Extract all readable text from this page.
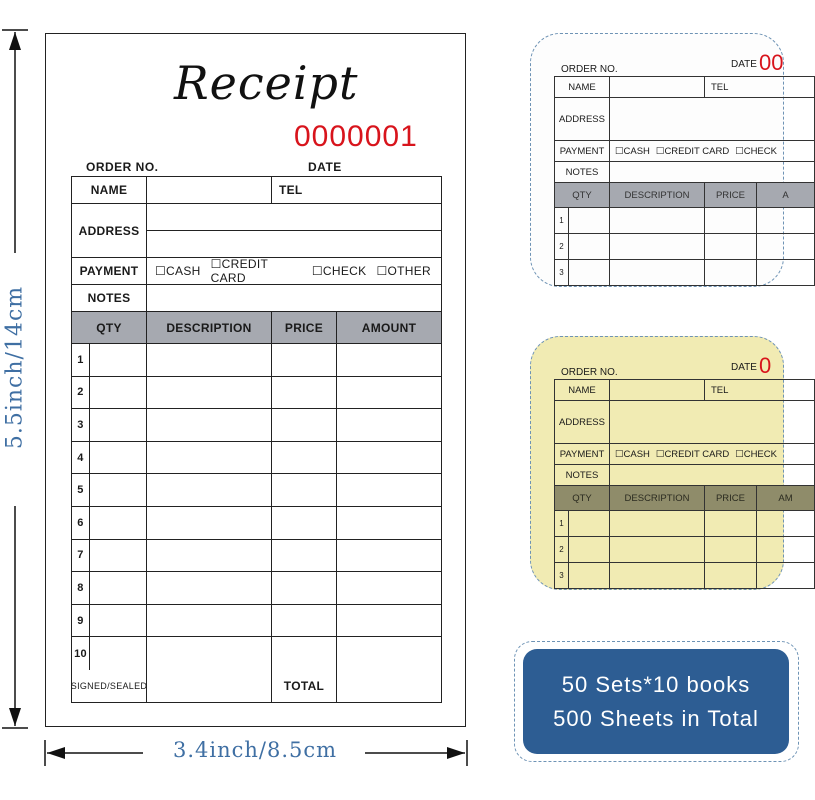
5.5inch/14cm
3.4inch/8.5cm
Receipt
0000001
ORDER NO.	DATE
NAME	TEL
ADDRESS
PAYMENT	☐CASH ☐CREDIT CARD	☐CHECK ☐OTHER
NOTES
QTY	DESCRIPTION	PRICE	AMOUNT
1
2
3
4
5
6
7
8
9
10
SIGNED/SEALED	TOTAL
00
ORDER NO.	DATE
NAME	TEL
ADDRESS
PAYMENT	☐CASH ☐CREDIT CARD ☐CHECK
NOTES
QTY	DESCRIPTION	PRICE	A
1
2
3
0
ORDER NO.	DATE
NAME	TEL
ADDRESS
PAYMENT	☐CASH ☐CREDIT CARD ☐CHECK
NOTES
QTY	DESCRIPTION	PRICE	AM
1
2
3
50 Sets*10 books
500 Sheets in Total
